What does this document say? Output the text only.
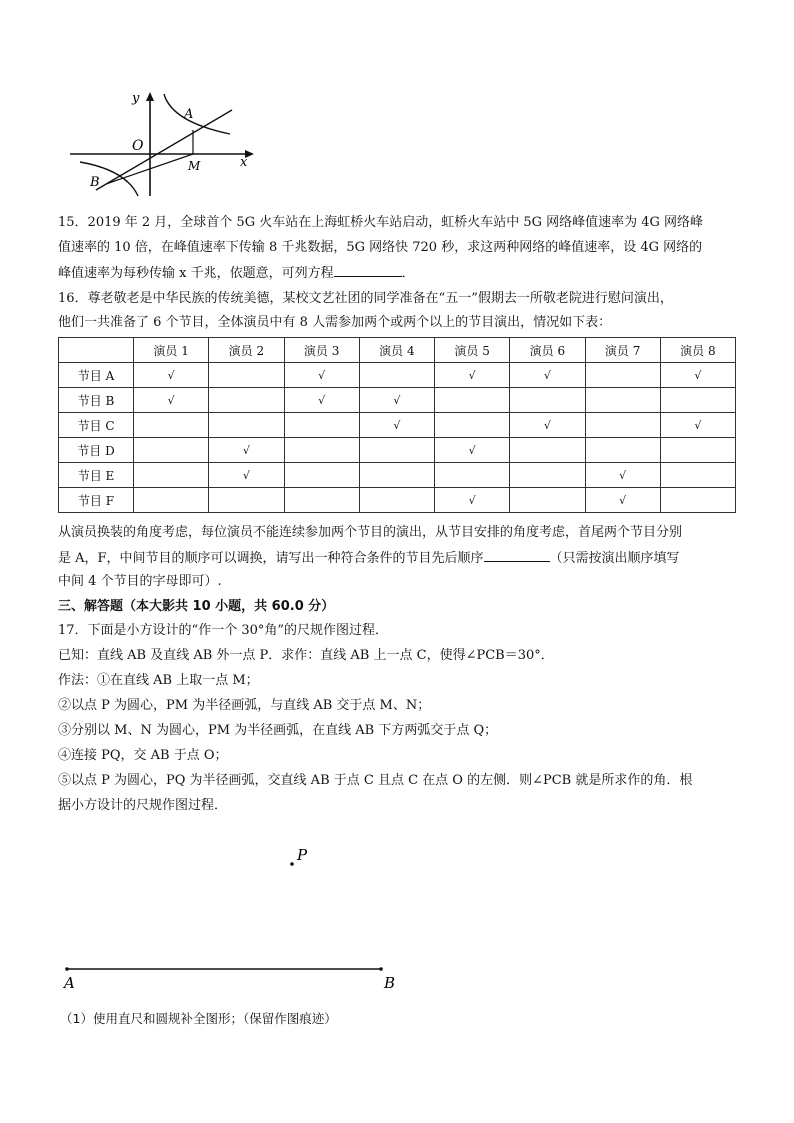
y
x
O
A
B
M
15．2019 年 2 月，全球首个 5G 火车站在上海虹桥火车站启动，虹桥火车站中 5G 网络峰值速率为 4G 网络峰
值速率的 10 倍，在峰值速率下传输 8 千兆数据，5G 网络快 720 秒，求这两种网络的峰值速率，设 4G 网络的
峰值速率为每秒传输 x 千兆，依题意，可列方程	．
16．尊老敬老是中华民族的传统美德，某校文艺社团的同学准备在“五一”假期去一所敬老院进行慰问演出，
他们一共准备了 6 个节目，全体演员中有 8 人需参加两个或两个以上的节目演出，情况如下表：
	演员 1	演员 2	演员 3	演员 4	演员 5	演员 6	演员 7	演员 8
节目 A	√		√		√	√		√
节目 B	√		√	√				
节目 C				√		√		√
节目 D		√			√			
节目 E		√					√	
节目 F					√		√	
从演员换装的角度考虑，每位演员不能连续参加两个节目的演出，从节目安排的角度考虑，首尾两个节目分别
是 A，F，中间节目的顺序可以调换，请写出一种符合条件的节目先后顺序	（只需按演出顺序填写
中间 4 个节目的字母即可）.
三、解答题（本大影共 10 小题，共 60.0 分）
17．下面是小方设计的“作一个 30°角”的尺规作图过程．
已知：直线 AB 及直线 AB 外一点 P．求作：直线 AB 上一点 C，使得∠PCB＝30°．
作法：①在直线 AB 上取一点 M；
②以点 P 为圆心，PM 为半径画弧，与直线 AB 交于点 M、N；
③分别以 M、N 为圆心，PM 为半径画弧，在直线 AB 下方两弧交于点 Q；
④连接 PQ，交 AB 于点 O；
⑤以点 P 为圆心，PQ 为半径画弧，交直线 AB 于点 C 且点 C 在点 O 的左侧．则∠PCB 就是所求作的角．根
据小方设计的尺规作图过程．
P
A	B
（1）使用直尺和圆规补全图形；（保留作图痕迹）
